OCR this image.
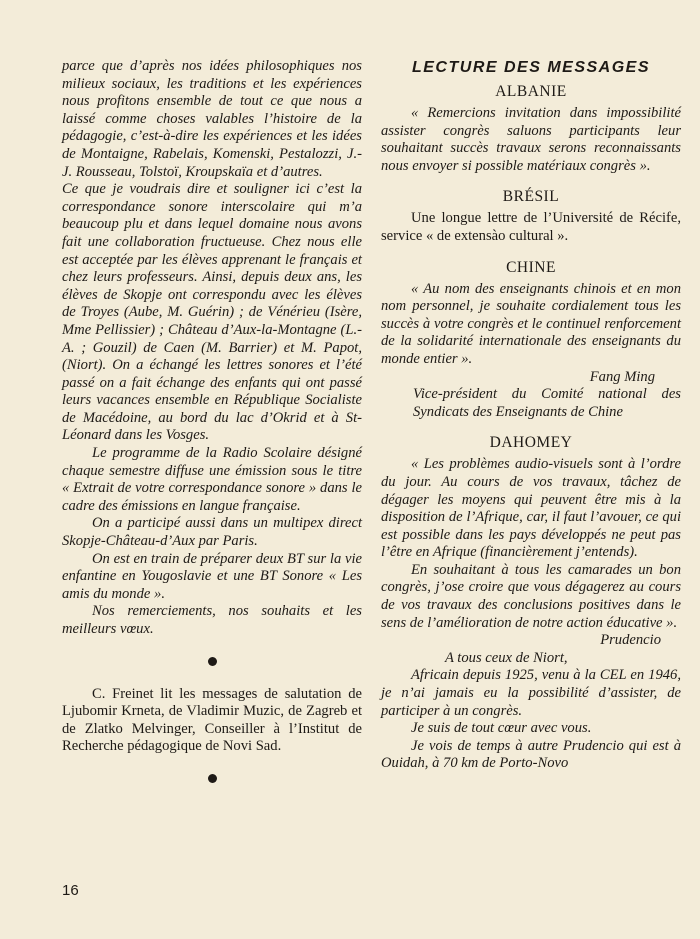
parce que d’après nos idées philosophiques nos milieux sociaux, les traditions et les expériences nous profitons ensemble de tout ce que nous a laissé comme choses valables l’histoire de la pédagogie, c’est-à-dire les expériences et les idées de Montaigne, Rabelais, Komenski, Pestalozzi, J.-J. Rousseau, Tolstoï, Kroupskaïa et d’autres.

Ce que je voudrais dire et souligner ici c’est la correspondance sonore interscolaire qui m’a beaucoup plu et dans lequel domaine nous avons fait une collaboration fructueuse. Chez nous elle est acceptée par les élèves apprenant le français et chez leurs professeurs. Ainsi, depuis deux ans, les élèves de Skopje ont correspondu avec les élèves de Troyes (Aube, M. Guérin) ; de Vénérieu (Isère, Mme Pellissier) ; Château d’Aux-la-Montagne (L.-A. ; Gouzil) de Caen (M. Barrier) et M. Papot, (Niort). On a échangé les lettres sonores et l’été passé on a fait échange des enfants qui ont passé leurs vacances ensemble en République Socialiste de Macédoine, au bord du lac d’Okrid et à St-Léonard dans les Vosges.

Le programme de la Radio Scolaire désigné chaque semestre diffuse une émission sous le titre « Extrait de votre correspondance sonore » dans le cadre des émissions en langue française.

On a participé aussi dans un multipex direct Skopje-Château-d’Aux par Paris.

On est en train de préparer deux BT sur la vie enfantine en Yougoslavie et une BT Sonore « Les amis du monde ».

Nos remerciements, nos souhaits et les meilleurs vœux.

C. Freinet lit les messages de salutation de Ljubomir Krneta, de Vladimir Muzic, de Zagreb et de Zlatko Melvinger, Conseiller à l’Institut de Recherche pédagogique de Novi Sad.

LECTURE DES MESSAGES
ALBANIE

« Remercions invitation dans impossibilité assister congrès saluons participants leur souhaitant succès travaux serons reconnaissants nous envoyer si possible matériaux congrès ».

BRÉSIL

Une longue lettre de l’Université de Récife, service « de extensào cultural ».

CHINE

« Au nom des enseignants chinois et en mon nom personnel, je souhaite cordialement tous les succès à votre congrès et le continuel renforcement de la solidarité internationale des enseignants du monde entier ».

Fang Ming

Vice-président du Comité national des Syndicats des Enseignants de Chine

DAHOMEY

« Les problèmes audio-visuels sont à l’ordre du jour. Au cours de vos travaux, tâchez de dégager les moyens qui peuvent être mis à la disposition de l’Afrique, car, il faut l’avouer, ce qui est possible dans les pays développés ne peut pas l’être en Afrique (financièrement j’entends).

En souhaitant à tous les camarades un bon congrès, j’ose croire que vous dégagerez au cours de vos travaux des conclusions positives dans le sens de l’amélioration de notre action éducative ».

Prudencio

A tous ceux de Niort,

Africain depuis 1925, venu à la CEL en 1946, je n’ai jamais eu la possibilité d’assister, de participer à un congrès.

Je suis de tout cœur avec vous.

Je vois de temps à autre Prudencio qui est à Ouidah, à 70 km de Porto-Novo

16
